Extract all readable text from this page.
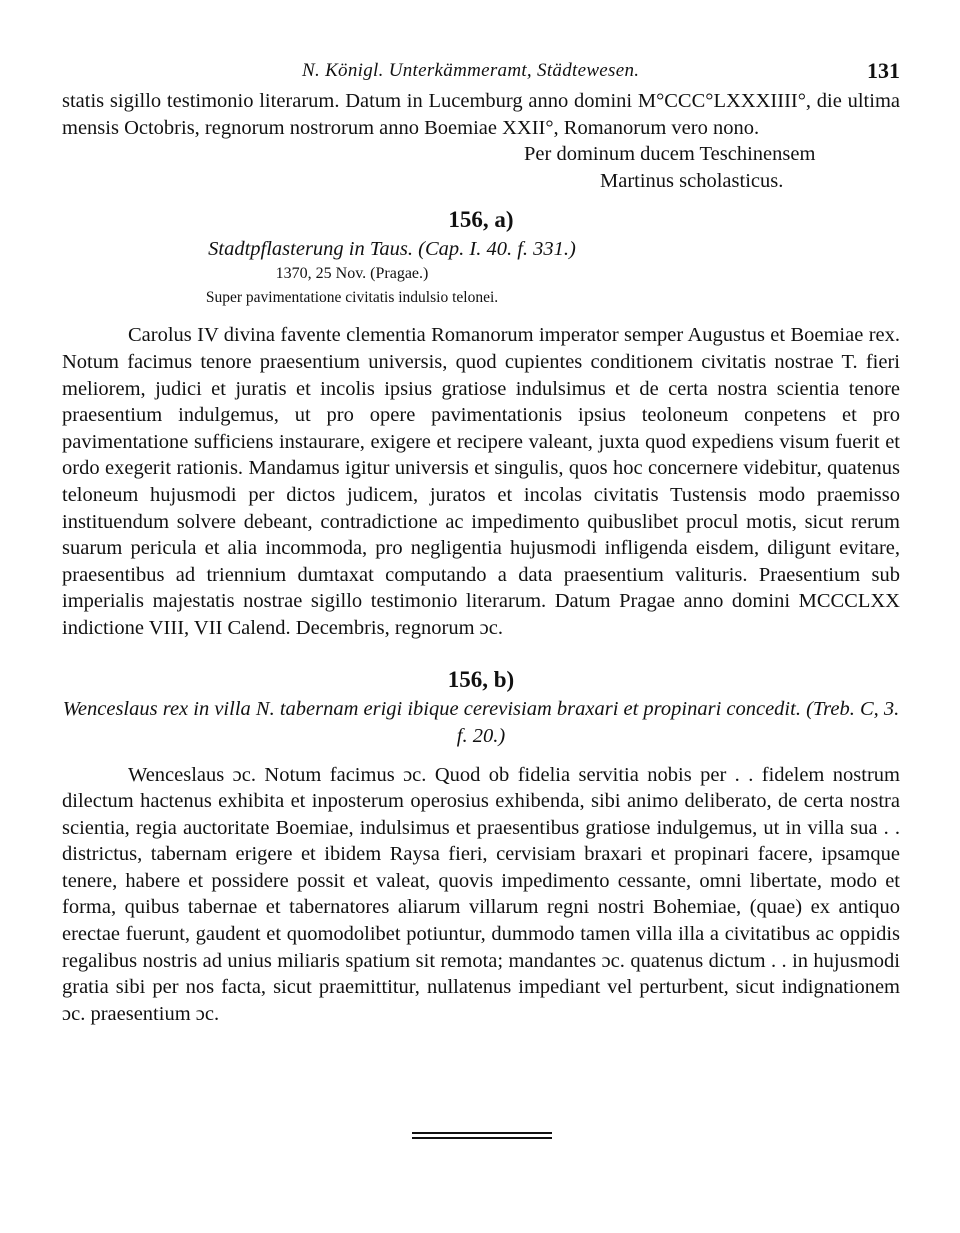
N. Königl. Unterkämmeramt, Städtewesen.	131

statis sigillo testimonio literarum. Datum in Lucemburg anno domini M°CCC°LXXXIIII°, die ultima mensis Octobris, regnorum nostrorum anno Boemiae XXII°, Romanorum vero nono.

Per dominum ducem Teschinensem
Martinus scholasticus.
156, a)
Stadtpflasterung in Taus. (Cap. I. 40. f. 331.)
1370, 25 Nov. (Pragae.)
Super pavimentatione civitatis indulsio telonei.

Carolus IV divina favente clementia Romanorum imperator semper Augustus et Boemiae rex. Notum facimus tenore praesentium universis, quod cupientes conditionem civitatis nostrae T. fieri meliorem, judici et juratis et incolis ipsius gratiose indulsimus et de certa nostra scientia tenore praesentium indulgemus, ut pro opere pavimentationis ipsius teoloneum conpetens et pro pavimentatione sufficiens instaurare, exigere et recipere valeant, juxta quod expediens visum fuerit et ordo exegerit rationis. Mandamus igitur universis et singulis, quos hoc concernere videbitur, quatenus teloneum hujusmodi per dictos judicem, juratos et incolas civitatis Tustensis modo praemisso instituendum solvere debeant, contradictione ac impedimento quibuslibet procul motis, sicut rerum suarum pericula et alia incommoda, pro negligentia hujusmodi infligenda eisdem, diligunt evitare, praesentibus ad triennium dumtaxat computando a data praesentium valituris. Praesentium sub imperialis majestatis nostrae sigillo testimonio literarum. Datum Pragae anno domini MCCCLXX indictione VIII, VII Calend. Decembris, regnorum ɔc.

156, b)
Wenceslaus rex in villa N. tabernam erigi ibique cerevisiam braxari et propinari concedit. (Treb. C, 3. f. 20.)

Wenceslaus ɔc. Notum facimus ɔc. Quod ob fidelia servitia nobis per . . fidelem nostrum dilectum hactenus exhibita et inposterum operosius exhibenda, sibi animo deliberato, de certa nostra scientia, regia auctoritate Boemiae, indulsimus et praesentibus gratiose indulgemus, ut in villa sua . . districtus, tabernam erigere et ibidem Raysa fieri, cervisiam braxari et propinari facere, ipsamque tenere, habere et possidere possit et valeat, quovis impedimento cessante, omni libertate, modo et forma, quibus tabernae et tabernatores aliarum villarum regni nostri Bohemiae, (quae) ex antiquo erectae fuerunt, gaudent et quomodolibet potiuntur, dummodo tamen villa illa a civitatibus ac oppidis regalibus nostris ad unius miliaris spatium sit remota; mandantes ɔc. quatenus dictum . . in hujusmodi gratia sibi per nos facta, sicut praemittitur, nullatenus impediant vel perturbent, sicut indignationem ɔc. praesentium ɔc.
